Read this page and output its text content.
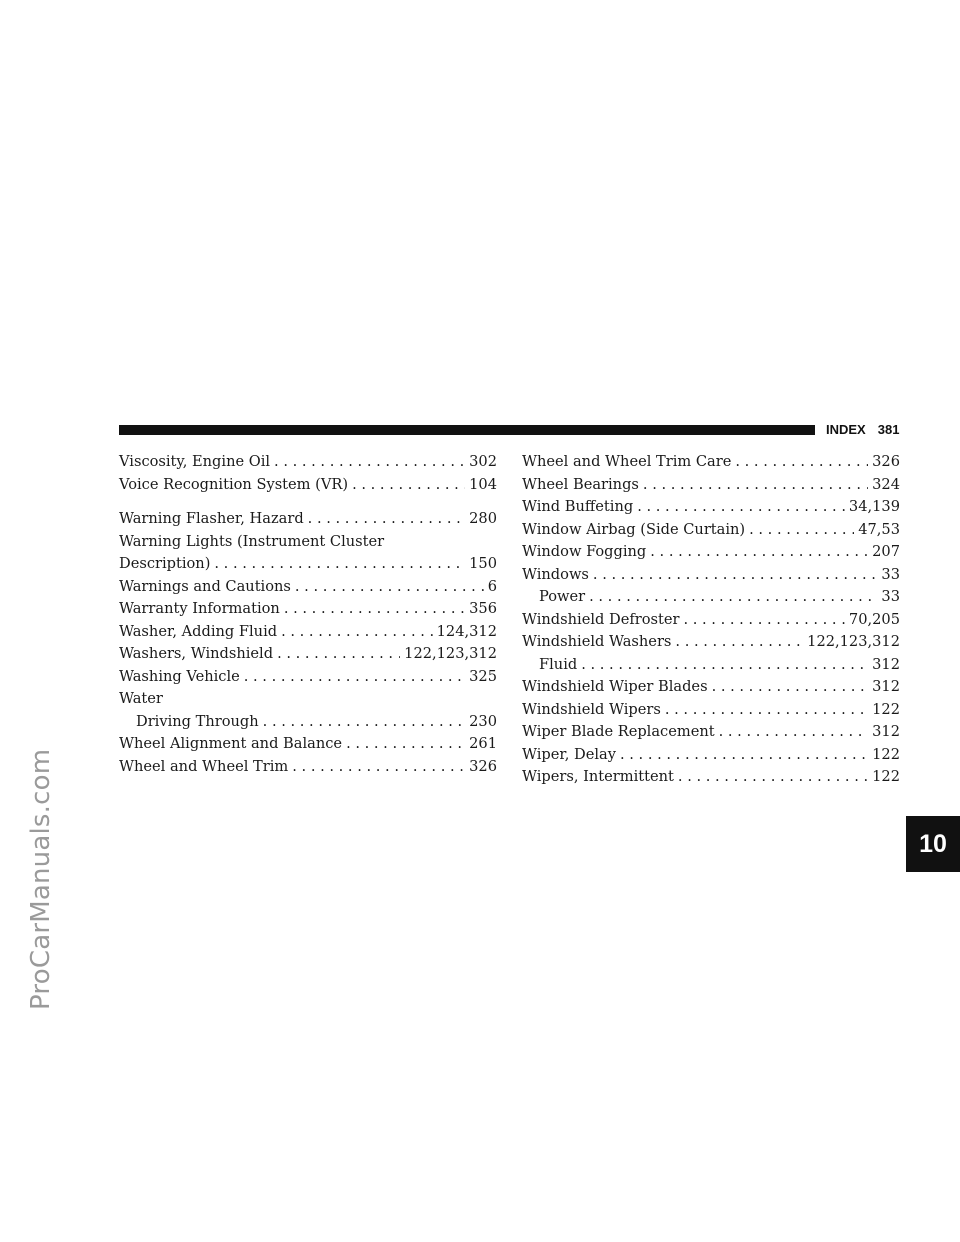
ProCarManuals.com
INDEX 381
Viscosity, Engine Oil . . .	302
Voice Recognition System (VR) . . .	104
Warning Flasher, Hazard . . .	280
Warning Lights (Instrument Cluster
Description) . . .	150
Warnings and Cautions . . .	6
Warranty Information . . .	356
Washer, Adding Fluid . . .	124,312
Washers, Windshield . . .	122,123,312
Washing Vehicle . . .	325
Water
Driving Through . . .	230
Wheel Alignment and Balance . . .	261
Wheel and Wheel Trim . . .	326
Wheel and Wheel Trim Care . . .	326
Wheel Bearings . . .	324
Wind Buffeting . . .	34,139
Window Airbag (Side Curtain) . . .	47,53
Window Fogging . . .	207
Windows . . .	33
Power . . .	33
Windshield Defroster . . .	70,205
Windshield Washers . . .	122,123,312
Fluid . . .	312
Windshield Wiper Blades . . .	312
Windshield Wipers . . .	122
Wiper Blade Replacement . . .	312
Wiper, Delay . . .	122
Wipers, Intermittent . . .	122
10
